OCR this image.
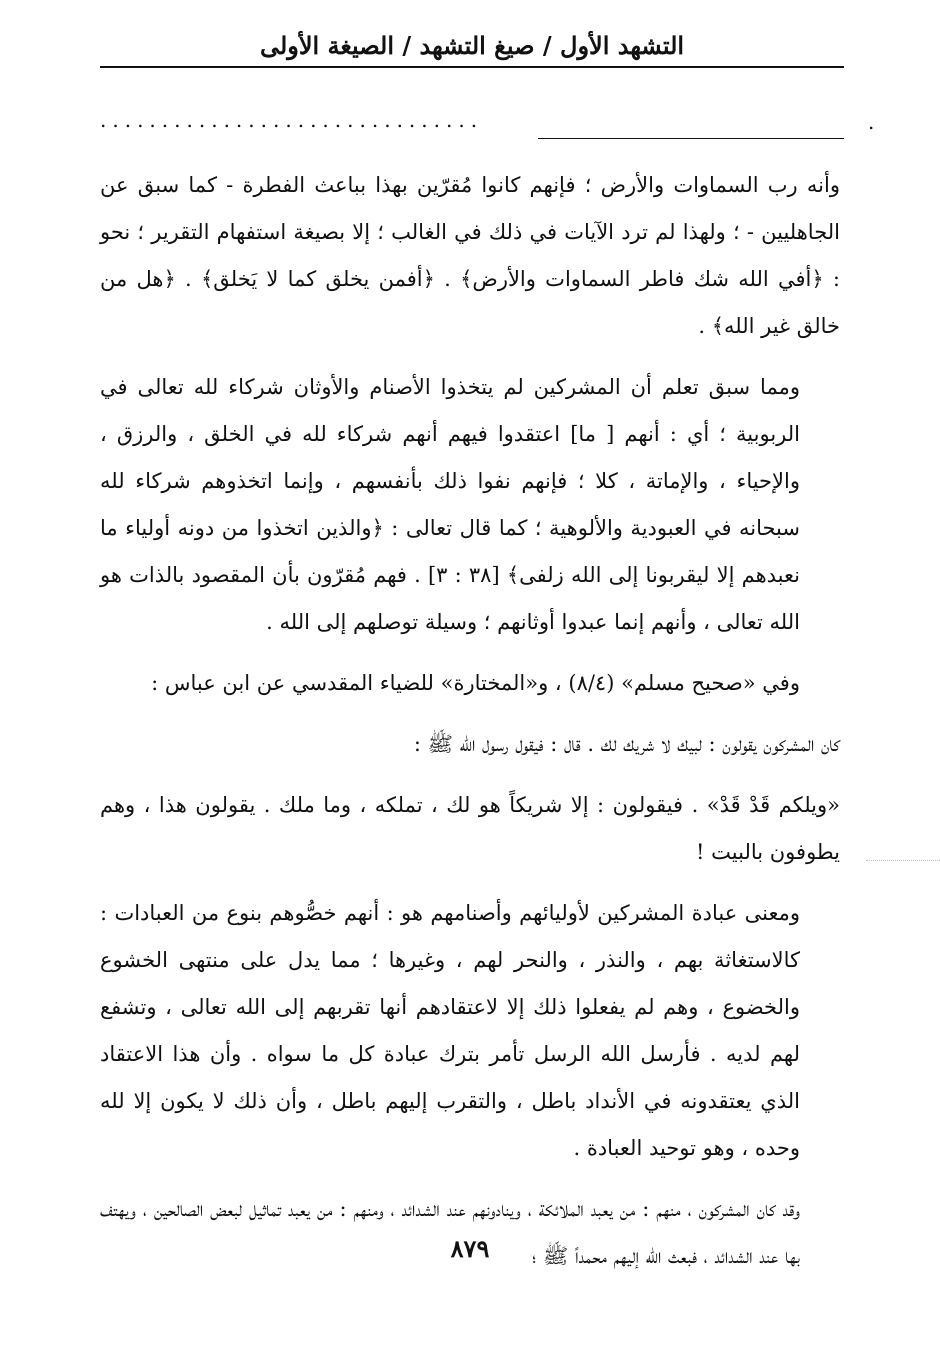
التشهد الأول / صيغ التشهد / الصيغة الأولى
...............................	.

وأنه رب السماوات والأرض ؛ فإنهم كانوا مُقرّين بهذا بباعث الفطرة - كما سبق عن الجاهليين - ؛ ولهذا لم ترد الآيات في ذلك في الغالب ؛ إلا بصيغة استفهام التقرير ؛ نحو : ﴿أفي الله شك فاطر السماوات والأرض﴾ . ﴿أفمن يخلق كما لا يَخلق﴾ . ﴿هل من خالق غير الله﴾ .

ومما سبق تعلم أن المشركين لم يتخذوا الأصنام والأوثان شركاء لله تعالى في الربوبية ؛ أي : أنهم [ ما] اعتقدوا فيهم أنهم شركاء لله في الخلق ، والرزق ، والإحياء ، والإماتة ، كلا ؛ فإنهم نفوا ذلك بأنفسهم ، وإنما اتخذوهم شركاء لله سبحانه في العبودية والألوهية ؛ كما قال تعالى : ﴿والذين اتخذوا من دونه أولياء ما نعبدهم إلا ليقربونا إلى الله زلفى﴾ [٣٨ : ٣] . فهم مُقرّون بأن المقصود بالذات هو الله تعالى ، وأنهم إنما عبدوا أوثانهم ؛ وسيلة توصلهم إلى الله .

وفي «صحيح مسلم» (٨/٤) ، و«المختارة» للضياء المقدسي عن ابن عباس :

كان المشركون يقولون : لبيك لا شريك لك . قال : فيقول رسول الله ﷺ :

«ويلكم قَدْ قَدْ» . فيقولون : إلا شريكاً هو لك ، تملكه ، وما ملك . يقولون هذا ، وهم يطوفون بالبيت !

ومعنى عبادة المشركين لأوليائهم وأصنامهم هو : أنهم خصُّوهم بنوع من العبادات : كالاستغاثة بهم ، والنذر ، والنحر لهم ، وغيرها ؛ مما يدل على منتهى الخشوع والخضوع ، وهم لم يفعلوا ذلك إلا لاعتقادهم أنها تقربهم إلى الله تعالى ، وتشفع لهم لديه . فأرسل الله الرسل تأمر بترك عبادة كل ما سواه . وأن هذا الاعتقاد الذي يعتقدونه في الأنداد باطل ، والتقرب إليهم باطل ، وأن ذلك لا يكون إلا لله وحده ، وهو توحيد العبادة .

وقد كان المشركون ، منهم : من يعبد الملائكة ، وينادونهم عند الشدائد ، ومنهم : من يعبد تماثيل لبعض الصالحين ، ويهتف بها عند الشدائد ، فبعث الله إليهم محمداً ﷺ ؛

٨٧٩
